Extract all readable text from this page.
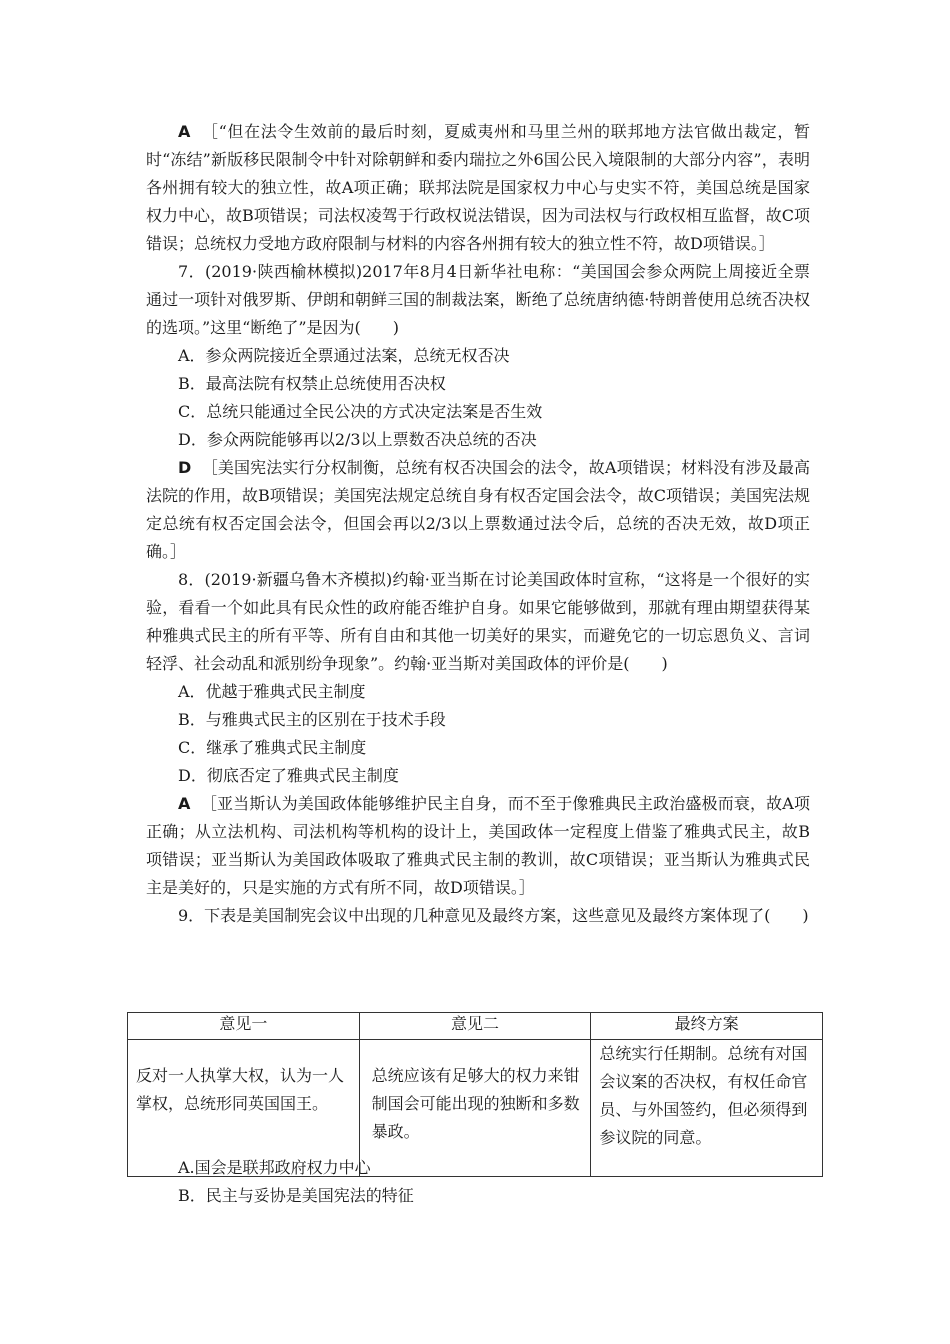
A ［“但在法令生效前的最后时刻，夏威夷州和马里兰州的联邦地方法官做出裁定，暂时“冻结”新版移民限制令中针对除朝鲜和委内瑞拉之外6国公民入境限制的大部分内容”，表明各州拥有较大的独立性，故A项正确；联邦法院是国家权力中心与史实不符，美国总统是国家权力中心，故B项错误；司法权凌驾于行政权说法错误，因为司法权与行政权相互监督，故C项错误；总统权力受地方政府限制与材料的内容各州拥有较大的独立性不符，故D项错误。］

7．(2019·陕西榆林模拟)2017年8月4日新华社电称：“美国国会参众两院上周接近全票通过一项针对俄罗斯、伊朗和朝鲜三国的制裁法案，断绝了总统唐纳德·特朗普使用总统否决权的选项。”这里“断绝了”是因为(　　)

A．参众两院接近全票通过法案，总统无权否决

B．最高法院有权禁止总统使用否决权

C．总统只能通过全民公决的方式决定法案是否生效

D．参众两院能够再以2/3以上票数否决总统的否决

D ［美国宪法实行分权制衡，总统有权否决国会的法令，故A项错误；材料没有涉及最高法院的作用，故B项错误；美国宪法规定总统自身有权否定国会法令，故C项错误；美国宪法规定总统有权否定国会法令，但国会再以2/3以上票数通过法令后，总统的否决无效，故D项正确。］

8．(2019·新疆乌鲁木齐模拟)约翰·亚当斯在讨论美国政体时宣称，“这将是一个很好的实验，看看一个如此具有民众性的政府能否维护自身。如果它能够做到，那就有理由期望获得某种雅典式民主的所有平等、所有自由和其他一切美好的果实，而避免它的一切忘恩负义、言词轻浮、社会动乱和派别纷争现象”。约翰·亚当斯对美国政体的评价是(　　)

A．优越于雅典式民主制度

B．与雅典式民主的区别在于技术手段

C．继承了雅典式民主制度

D．彻底否定了雅典式民主制度

A ［亚当斯认为美国政体能够维护民主自身，而不至于像雅典民主政治盛极而衰，故A项正确；从立法机构、司法机构等机构的设计上，美国政体一定程度上借鉴了雅典式民主，故B项错误；亚当斯认为美国政体吸取了雅典式民主制的教训，故C项错误；亚当斯认为雅典式民主是美好的，只是实施的方式有所不同，故D项错误。］

9．下表是美国制宪会议中出现的几种意见及最终方案，这些意见及最终方案体现了(　　)

意见一	意见二	最终方案
反对一人执掌大权，认为一人掌权，总统形同英国国王。	总统应该有足够大的权力来钳制国会可能出现的独断和多数暴政。	总统实行任期制。总统有对国会议案的否决权，有权任命官员、与外国签约，但必须得到参议院的同意。

A.国会是联邦政府权力中心

B．民主与妥协是美国宪法的特征
